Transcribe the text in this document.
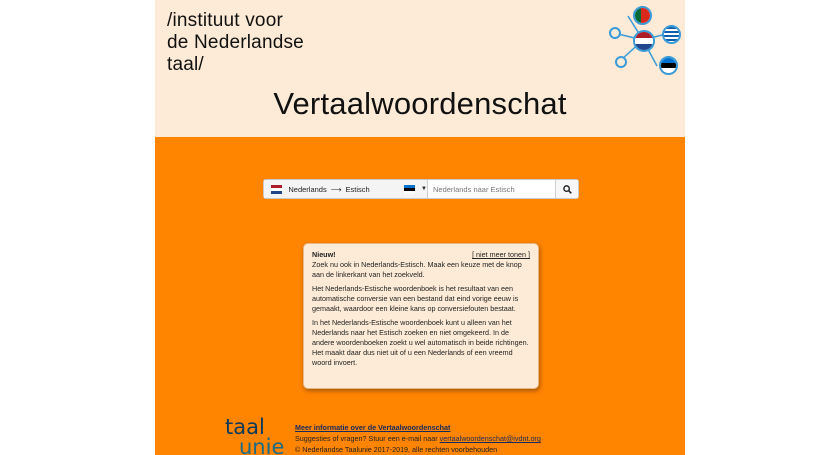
/instituut voor
de Nederlandse
taal/
Vertaalwoordenschat
Nederlands ⟶ Estisch	▼
Nederlands naar Estisch
Nieuw!	[ niet meer tonen ]

Zoek nu ook in Nederlands-Estisch. Maak een keuze met de knop aan de linkerkant van het zoekveld.

Het Nederlands-Estische woordenboek is het resultaat van een automatische conversie van een bestand dat eind vorige eeuw is gemaakt, waardoor een kleine kans op conversiefouten bestaat.

In het Nederlands-Estische woordenboek kunt u alleen van het Nederlands naar het Estisch zoeken en niet omgekeerd. In de andere woordenboeken zoekt u wel automatisch in beide richtingen. Het maakt daar dus niet uit of u een Nederlands of een vreemd woord invoert.

taal
unie
Meer informatie over de Vertaalwoordenschat
Suggesties of vragen? Stuur een e-mail naar vertaalwoordenschat@ivdnt.org
© Nederlandse Taalunie 2017-2019, alle rechten voorbehouden
